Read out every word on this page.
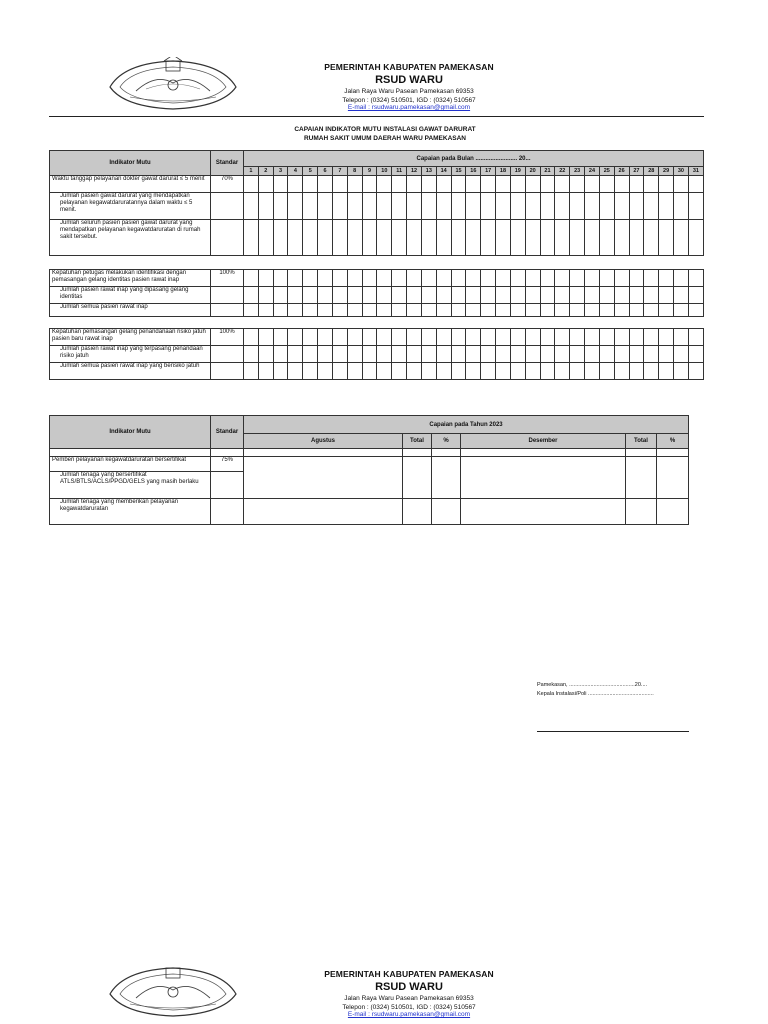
PEMERINTAH KABUPATEN PAMEKASAN
RSUD WARU
Jalan Raya Waru Pasean Pamekasan 69353
Telepon : (0324) 510501, IGD : (0324) 510567
E-mail : rsudwaru.pamekasan@gmail.com
CAPAIAN INDIKATOR MUTU INSTALASI GAWAT DARURAT
RUMAH SAKIT UMUM DAERAH WARU PAMEKASAN
Indikator Mutu	Standar	Capaian pada Bulan ......................... 20...																														
		1	2	3	4	5	6	7	8	9	10	11	12	13	14	15	16	17	18	19	20	21	22	23	24	25	26	27	28	29	30	31
Waktu tanggap pelayanan dokter gawat darurat ≤ 5 menit	70%																															
Jumlah pasien gawat darurat yang mendapatkan pelayanan kegawatdaruratannya dalam waktu ≤ 5 menit.																																
Jumlah seluruh pasien pasien gawat darurat yang mendapatkan pelayanan kegawatdaruratan di rumah sakit tersebut.																																

Kepatuhan petugas melakukan identifikasi dengan pemasangan gelang identitas pasien rawat inap	100%																															
Jumlah pasien rawat inap yang dipasang gelang identitas																																
Jumlah semua pasien rawat inap																																

Kepatuhan pemasangan gelang penandanaan risiko jatuh pasien baru rawat inap	100%																															
Jumlah pasien rawat inap yang terpasang penandaan risiko jatuh																																
Jumlah semua pasien rawat inap yang berisiko jatuh																																
Indikator Mutu	Standar	Capaian pada Tahun 2023					
		Agustus	Total	%	Desember	Total	%

Pemberi pelayanan kegawatdaruratan bersertifikat	75%						
Jumlah tenaga yang bersertifikat ATLS/BTLS/ACLS/PPGD/GELS yang masih berlaku							
Jumlah tenaga yang memberikan pelayanan kegawatdaruratan							
Pamekasan, ...........................................20....
Kepala Instalasi/Poli ...........................................
PEMERINTAH KABUPATEN PAMEKASAN
RSUD WARU
Jalan Raya Waru Pasean Pamekasan 69353
Telepon : (0324) 510501, IGD : (0324) 510567
E-mail : rsudwaru.pamekasan@gmail.com
